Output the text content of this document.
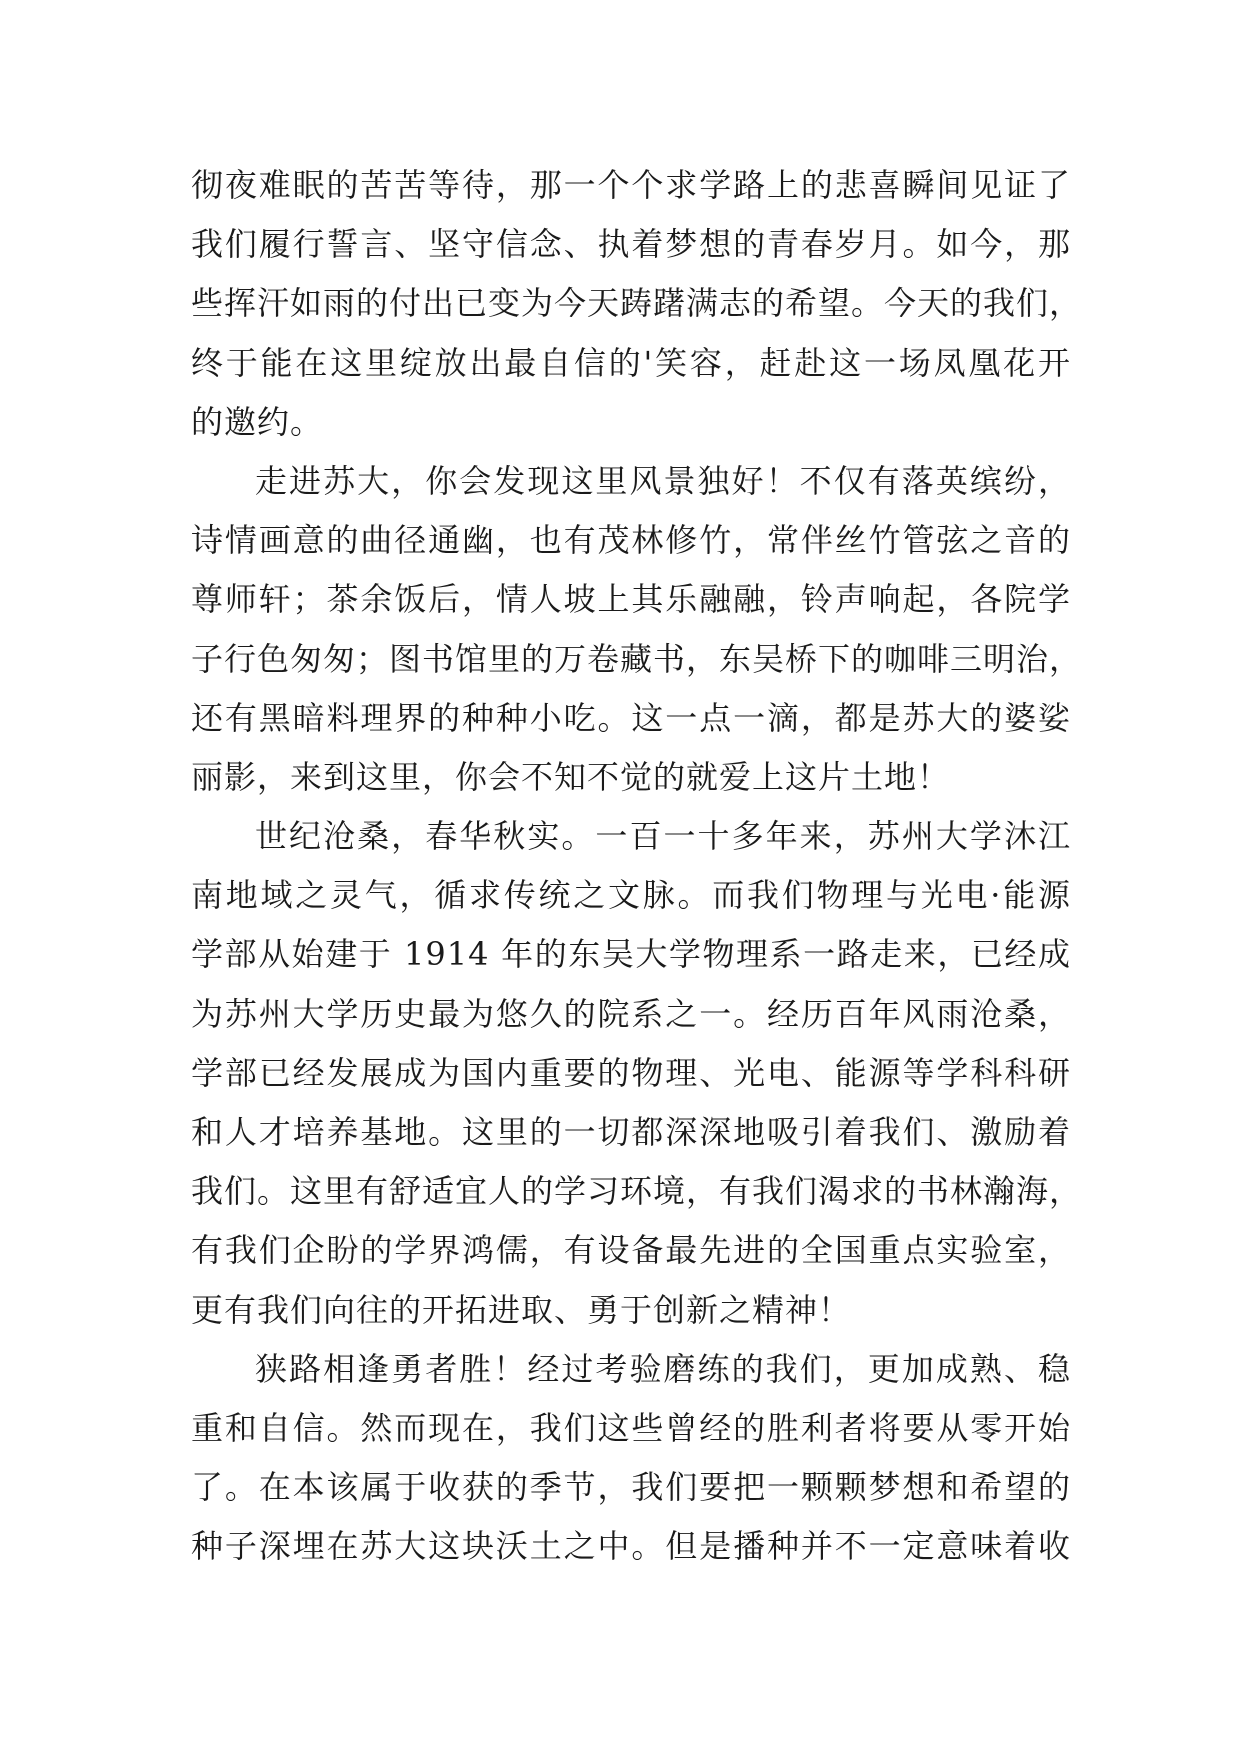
彻夜难眠的苦苦等待，那一个个求学路上的悲喜瞬间见证了
我们履行誓言、坚守信念、执着梦想的青春岁月。如今，那
些挥汗如雨的付出已变为今天踌躇满志的希望。今天的我们，
终于能在这里绽放出最自信的'笑容，赶赴这一场凤凰花开
的邀约。
走进苏大，你会发现这里风景独好！不仅有落英缤纷，
诗情画意的曲径通幽，也有茂林修竹，常伴丝竹管弦之音的
尊师轩；茶余饭后，情人坡上其乐融融，铃声响起，各院学
子行色匆匆；图书馆里的万卷藏书，东吴桥下的咖啡三明治，
还有黑暗料理界的种种小吃。这一点一滴，都是苏大的婆娑
丽影，来到这里，你会不知不觉的就爱上这片土地！
世纪沧桑，春华秋实。一百一十多年来，苏州大学沐江
南地域之灵气，循求传统之文脉。而我们物理与光电·能源
学部从始建于 1914 年的东吴大学物理系一路走来，已经成
为苏州大学历史最为悠久的院系之一。经历百年风雨沧桑，
学部已经发展成为国内重要的物理、光电、能源等学科科研
和人才培养基地。这里的一切都深深地吸引着我们、激励着
我们。这里有舒适宜人的学习环境，有我们渴求的书林瀚海，
有我们企盼的学界鸿儒，有设备最先进的全国重点实验室，
更有我们向往的开拓进取、勇于创新之精神！
狭路相逢勇者胜！经过考验磨练的我们，更加成熟、稳
重和自信。然而现在，我们这些曾经的胜利者将要从零开始
了。在本该属于收获的季节，我们要把一颗颗梦想和希望的
种子深埋在苏大这块沃土之中。但是播种并不一定意味着收
